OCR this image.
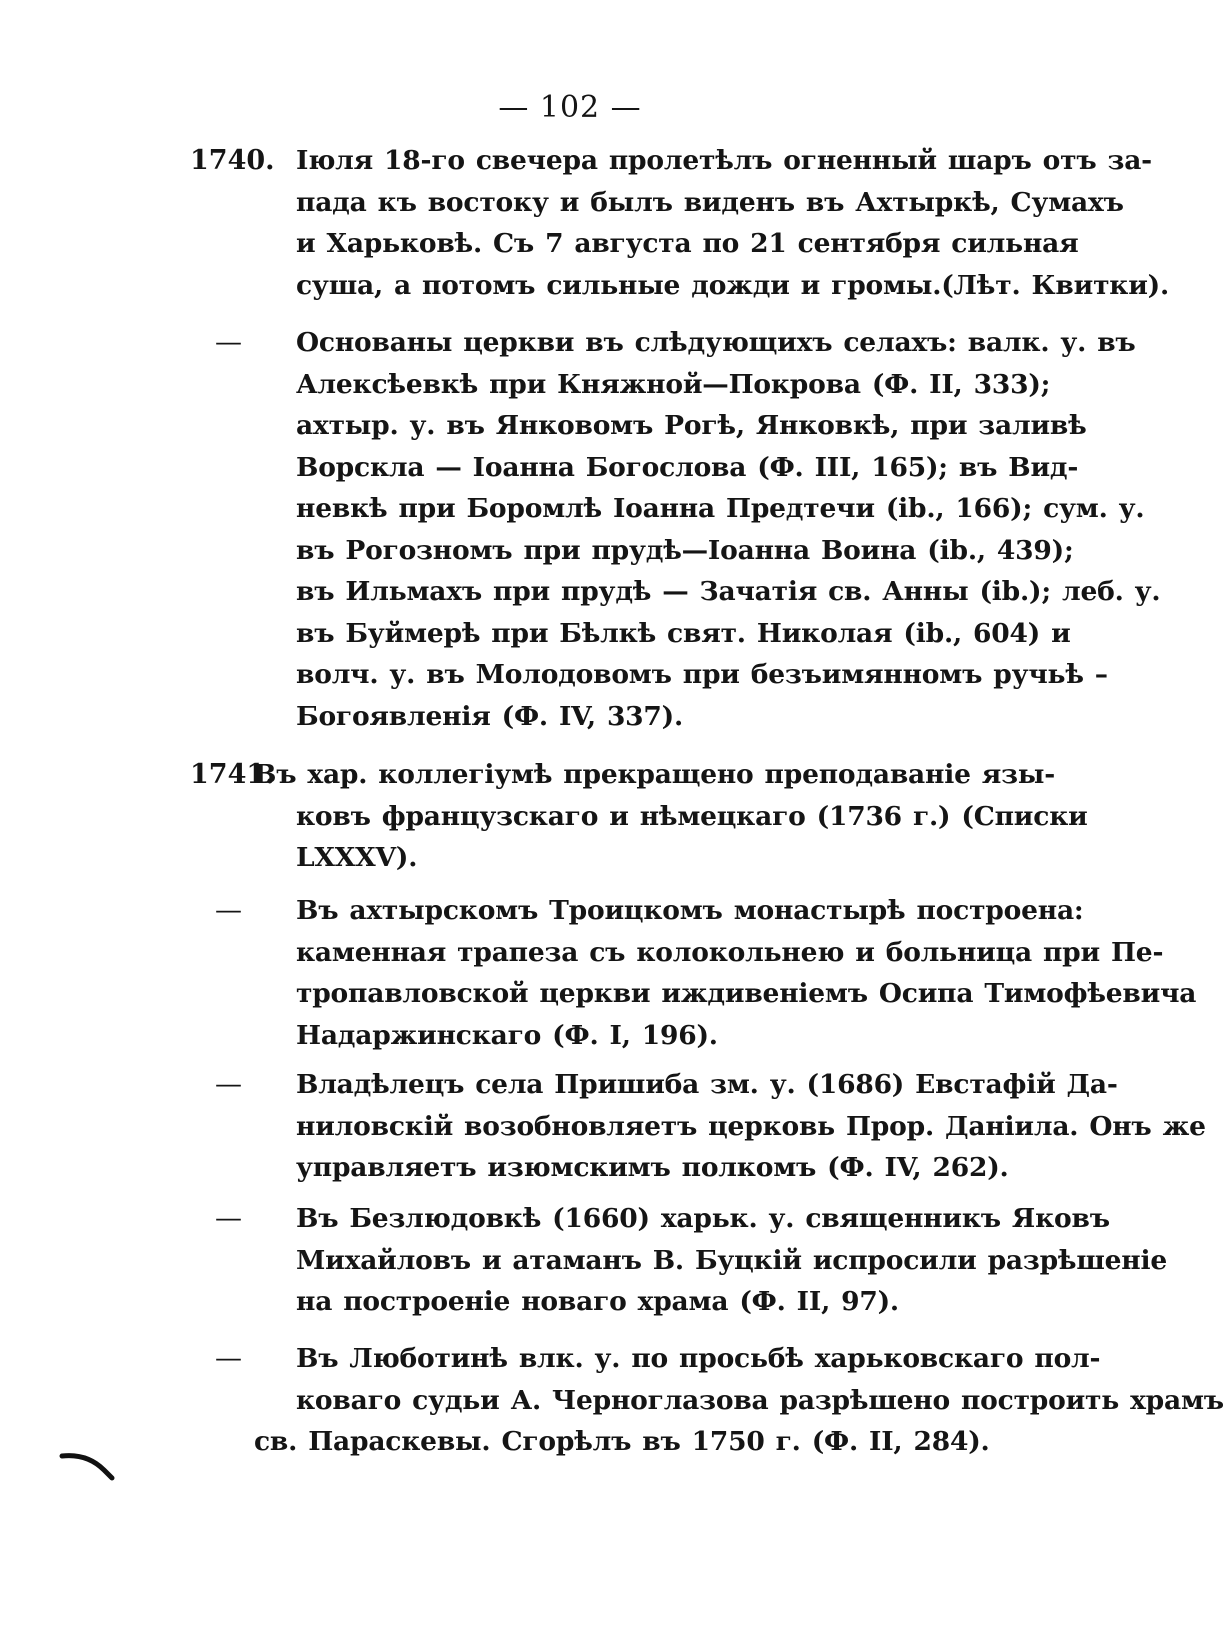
— 102 —
1740. Іюля 18-го свечера пролетѣлъ огненный шаръ отъ за-
пада къ востоку и былъ виденъ въ Ахтыркѣ, Сумахъ
и Харьковѣ. Съ 7 августа по 21 сентября сильная
суша, а потомъ сильные дожди и громы.(Лѣт. Квитки).
— Основаны церкви въ слѣдующихъ селахъ: валк. у. въ
Алексѣевкѣ при Княжной—Покрова (Ф. II, 333);
ахтыр. у. въ Янковомъ Рогѣ, Янковкѣ, при заливѣ
Ворскла — Іоанна Богослова (Ф. III, 165); въ Вид-
невкѣ при Боромлѣ Іоанна Предтечи (ib., 166); сум. у.
въ Рогозномъ при прудѣ—Іоанна Воина (ib., 439);
въ Ильмахъ при прудѣ — Зачатія св. Анны (ib.); леб. у.
въ Буймерѣ при Бѣлкѣ свят. Николая (ib., 604) и
волч. у. въ Молодовомъ при безъимянномъ ручьѣ –
Богоявленія (Ф. IV, 337).
1741.
Въ хар. коллегіумѣ прекращено преподаваніе язы-
ковъ французскаго и нѣмецкаго (1736 г.) (Списки
LXXXV).
— Въ ахтырскомъ Троицкомъ монастырѣ построена:
каменная трапеза съ колокольнею и больница при Пе-
тропавловской церкви иждивеніемъ Осипа Тимофѣевича
Надаржинскаго (Ф. I, 196).
— Владѣлецъ села Пришиба зм. у. (1686) Евстафій Да-
ниловскій возобновляетъ церковь Прор. Даніила. Онъ же
управляетъ изюмскимъ полкомъ (Ф. IV, 262).
— Въ Безлюдовкѣ (1660) харьк. у. священникъ Яковъ
Михайловъ и атаманъ В. Буцкій испросили разрѣшеніе
на построеніе новаго храма (Ф. II, 97).
— Въ Люботинѣ влк. у. по просьбѣ харьковскаго пол-
ковaго судьи А. Черноглазова разрѣшено построить храмъ
св. Параскевы. Сгорѣлъ въ 1750 г. (Ф. II, 284).
